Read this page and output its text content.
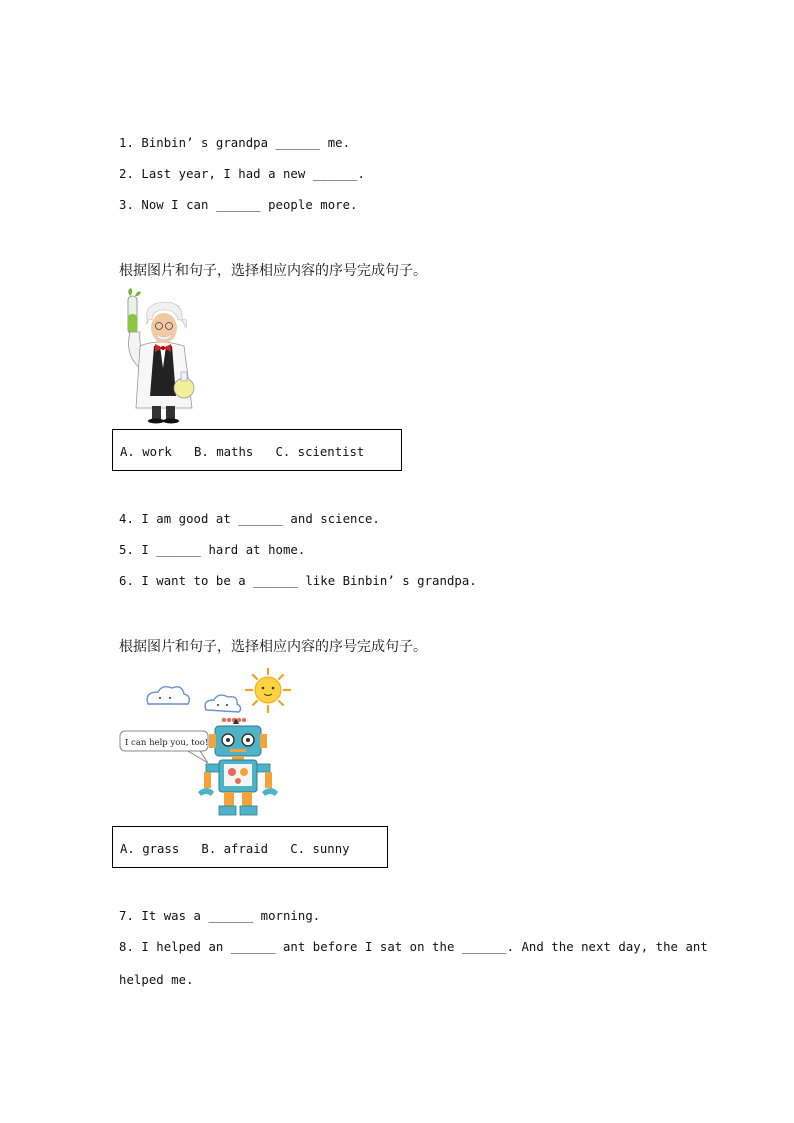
1. Binbin’ s grandpa ______ me.
2. Last year, I had a new ______.
3. Now I can ______ people more.
根据图片和句子，选择相应内容的序号完成句子。
A. work   B. maths   C. scientist
4. I am good at ______ and science.
5. I ______ hard at home.
6. I want to be a ______ like Binbin’ s grandpa.
根据图片和句子，选择相应内容的序号完成句子。
I can help you, too!
A. grass   B. afraid   C. sunny
7. It was a ______ morning.
8. I helped an ______ ant before I sat on the ______. And the next day, the ant
helped me.
